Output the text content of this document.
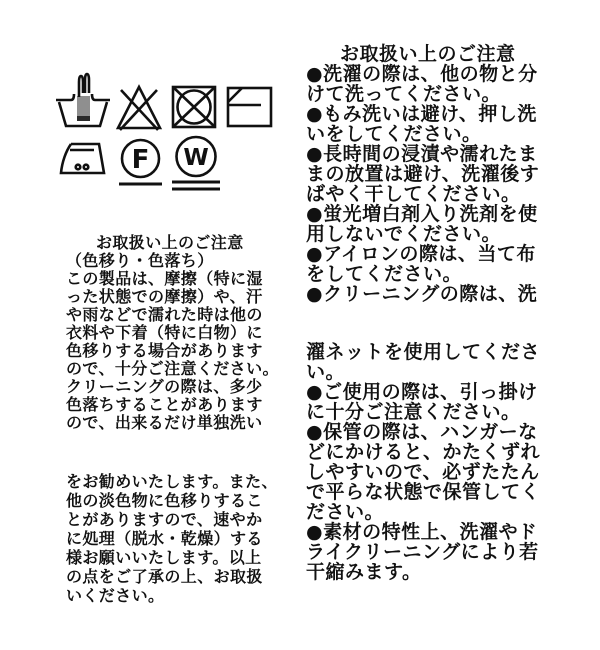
F W
お取扱い上のご注意
（色移り・色落ち）
この製品は、摩擦（特に湿
った状態での摩擦）や、汗
や雨などで濡れた時は他の
衣料や下着（特に白物）に
色移りする場合があります
ので、十分ご注意ください。
クリーニングの際は、多少
色落ちすることがあります
ので、出来るだけ単独洗い
をお勧めいたします。また、
他の淡色物に色移りするこ
とがありますので、速やか
に処理（脱水・乾燥）する
様お願いいたします。以上
の点をご了承の上、お取扱
いください。
お取扱い上のご注意
●洗濯の際は、他の物と分
けて洗ってください。
●もみ洗いは避け、押し洗
いをしてください。
●長時間の浸漬や濡れたま
まの放置は避け、洗濯後す
ばやく干してください。
●蛍光増白剤入り洗剤を使
用しないでください。
●アイロンの際は、当て布
をしてください。
●クリーニングの際は、洗
濯ネットを使用してくださ
い。
●ご使用の際は、引っ掛け
に十分ご注意ください。
●保管の際は、ハンガーな
どにかけると、かたくずれ
しやすいので、必ずたたん
で平らな状態で保管してく
ださい。
●素材の特性上、洗濯やド
ライクリーニングにより若
干縮みます。
